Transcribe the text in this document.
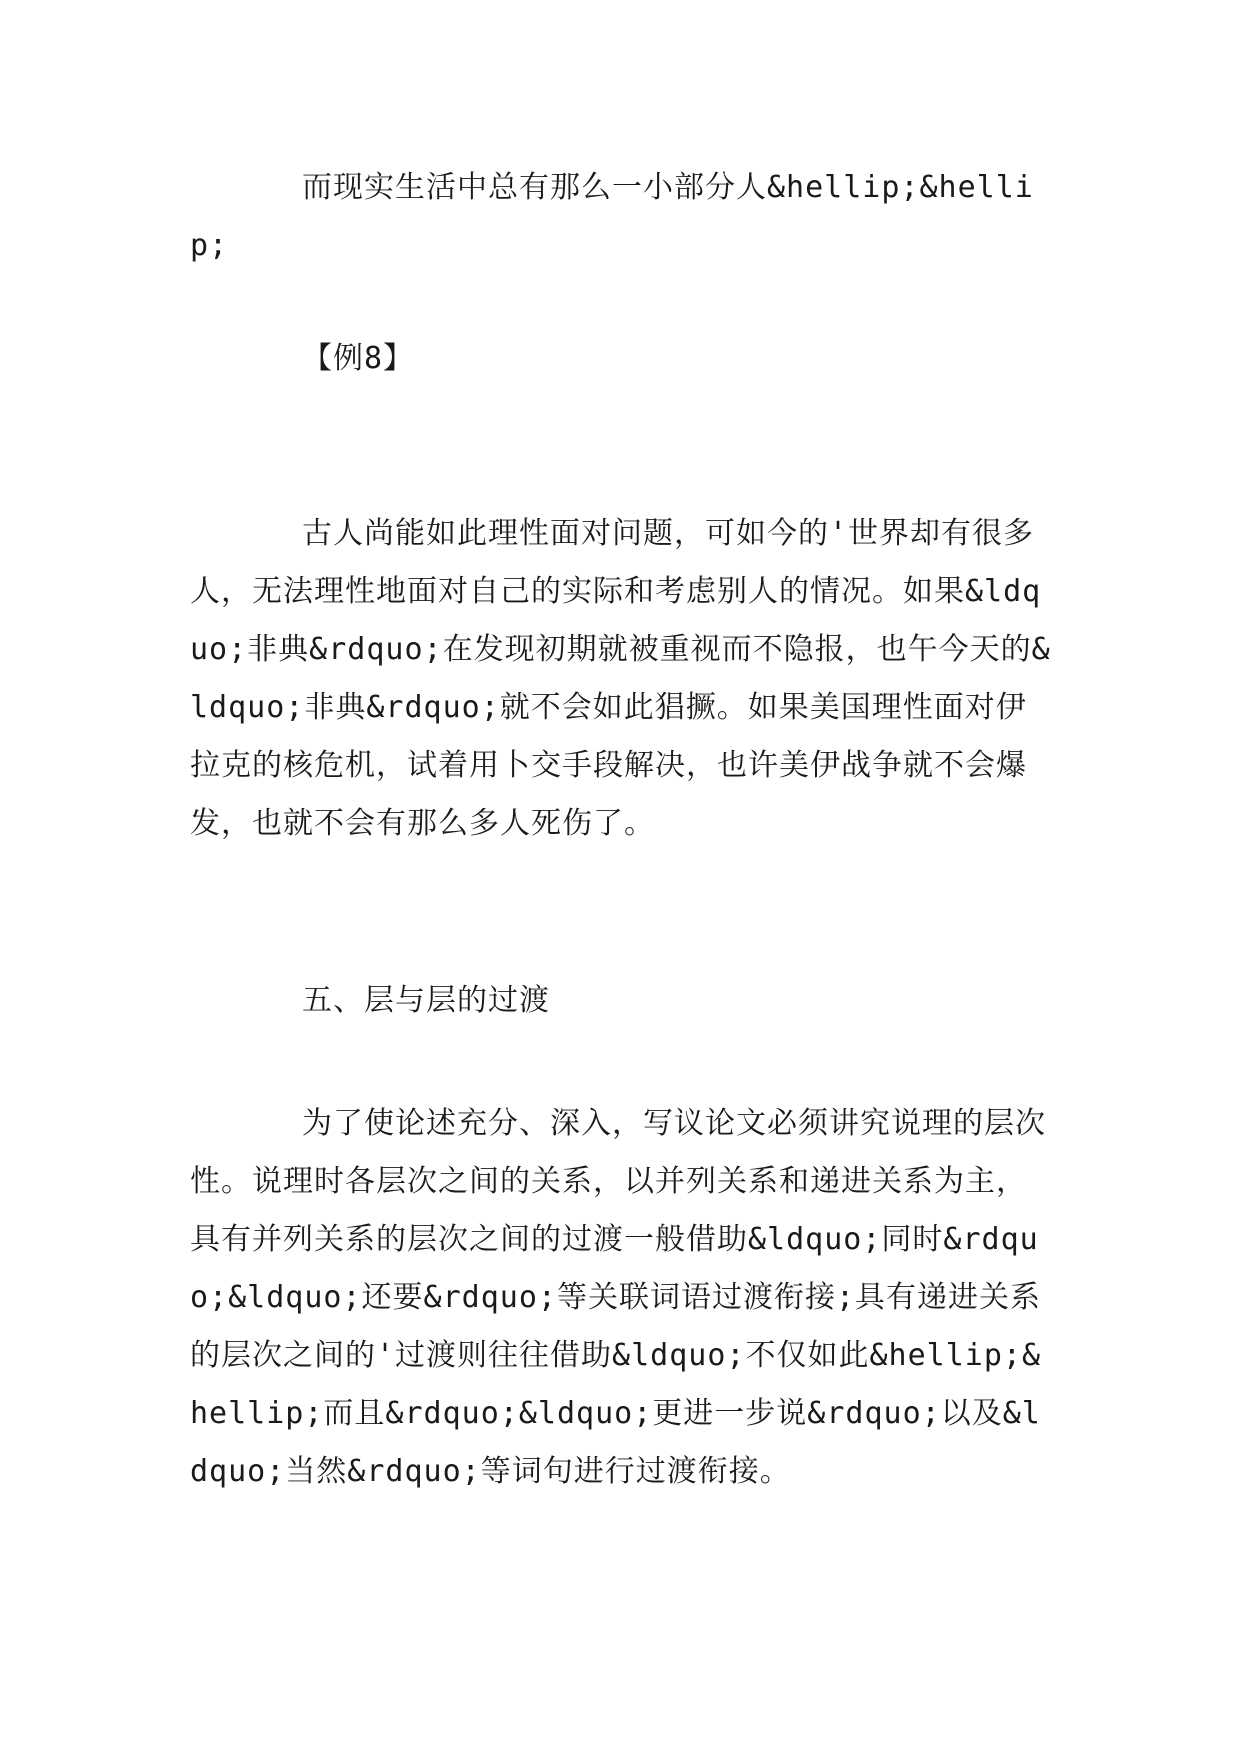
而现实生活中总有那么一小部分人&hellip;&hellip;

【例8】

古人尚能如此理性面对问题，可如今的'世界却有很多人，无法理性地面对自己的实际和考虑别人的情况。如果&ldquo;非典&rdquo;在发现初期就被重视而不隐报，也午今天的&ldquo;非典&rdquo;就不会如此猖撅。如果美国理性面对伊拉克的核危机，试着用卜交手段解决，也许美伊战争就不会爆发，也就不会有那么多人死伤了。

五、层与层的过渡

为了使论述充分、深入，写议论文必须讲究说理的层次性。说理时各层次之间的关系，以并列关系和递进关系为主，具有并列关系的层次之间的过渡一般借助&ldquo;同时&rdquo;&ldquo;还要&rdquo;等关联词语过渡衔接;具有递进关系的层次之间的'过渡则往往借助&ldquo;不仅如此&hellip;&hellip;而且&rdquo;&ldquo;更进一步说&rdquo;以及&ldquo;当然&rdquo;等词句进行过渡衔接。
